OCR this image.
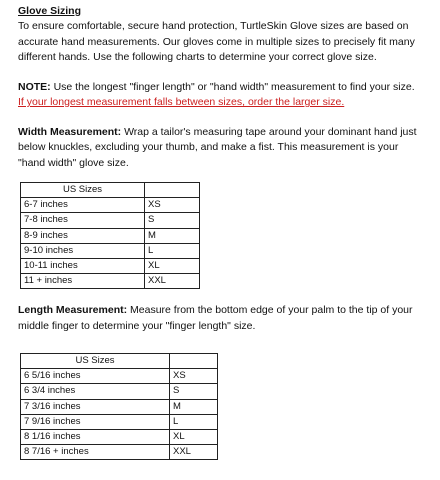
Glove Sizing

To ensure comfortable, secure hand protection, TurtleSkin Glove sizes are based on accurate hand measurements. Our gloves come in multiple sizes to precisely fit many different hands. Use the following charts to determine your correct glove size.

NOTE: Use the longest "finger length" or "hand width" measurement to find your size.

If your longest measurement falls between sizes, order the larger size.

Width Measurement: Wrap a tailor's measuring tape around your dominant hand just below knuckles, excluding your thumb, and make a fist. This measurement is your "hand width" glove size.

US Sizes	
6-7 inches	XS
7-8 inches	S
8-9 inches	M
9-10 inches	L
10-11 inches	XL
11 + inches	XXL

Length Measurement: Measure from the bottom edge of your palm to the tip of your middle finger to determine your "finger length" size.

US Sizes	
6 5/16 inches	XS
6 3/4 inches	S
7 3/16 inches	M
7 9/16 inches	L
8 1/16 inches	XL
8 7/16 + inches	XXL
